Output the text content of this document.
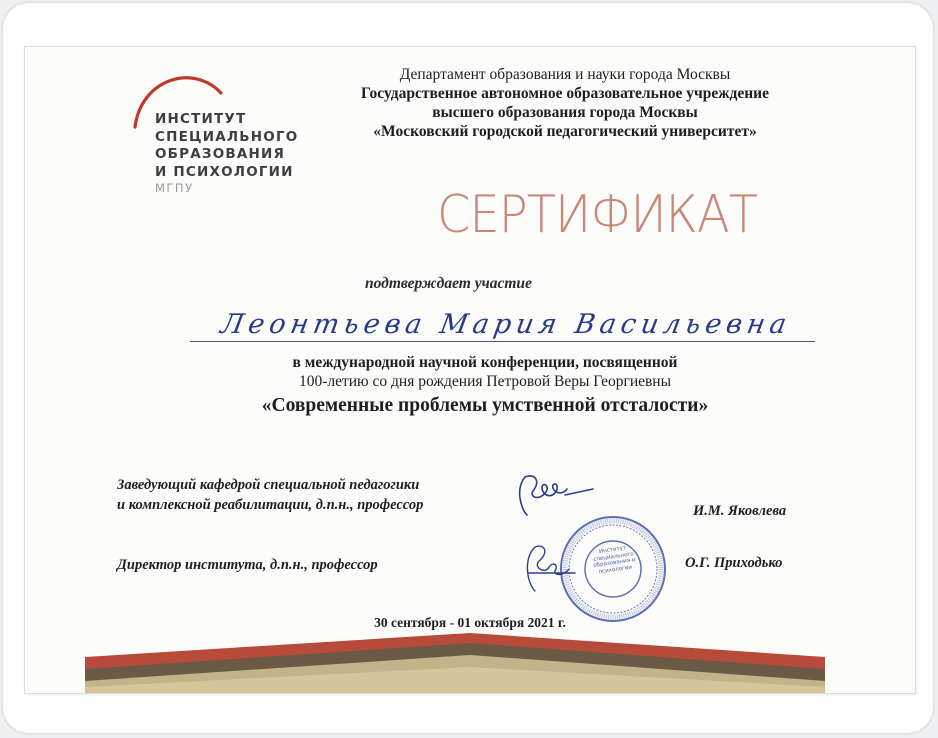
ИНСТИТУТ
СПЕЦИАЛЬНОГО
ОБРАЗОВАНИЯ
И ПСИХОЛОГИИ
МГПУ
Департамент образования и науки города Москвы
Государственное автономное образовательное учреждение
высшего образования города Москвы
«Московский городской педагогический университет»
СЕРТИФИКАТ
подтверждает участие
Леонтьева Мария Васильевна
в международной научной конференции, посвященной
100-летию со дня рождения Петровой Веры Георгиевны
«Современные проблемы умственной отсталости»
Заведующий кафедрой специальной педагогики
и комплексной реабилитации, д.п.н., профессор	И.М. Яковлева
Директор института, д.п.н., профессор	О.Г. Приходько
Институт специального образования и психологии
30 сентября - 01 октября 2021 г.
